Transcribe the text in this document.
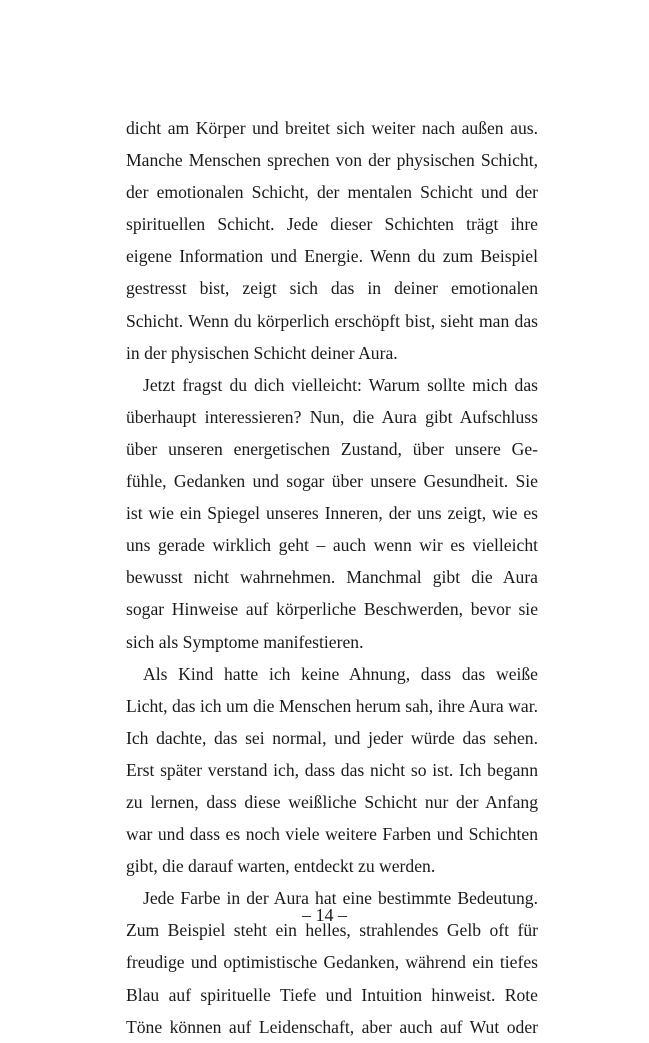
dicht am Körper und breitet sich weiter nach außen aus.
Manche Menschen sprechen von der physischen Schicht,
der emotionalen Schicht, der mentalen Schicht und der
spirituellen Schicht. Jede dieser Schichten trägt ihre
eigene Information und Energie. Wenn du zum Beispiel
gestresst bist, zeigt sich das in deiner emotionalen
Schicht. Wenn du körperlich erschöpft bist, sieht man das
in der physischen Schicht deiner Aura.
Jetzt fragst du dich vielleicht: Warum sollte mich das
überhaupt interessieren? Nun, die Aura gibt Aufschluss
über unseren energetischen Zustand, über unsere Ge-
fühle, Gedanken und sogar über unsere Gesundheit. Sie
ist wie ein Spiegel unseres Inneren, der uns zeigt, wie es
uns gerade wirklich geht – auch wenn wir es vielleicht
bewusst nicht wahrnehmen. Manchmal gibt die Aura
sogar Hinweise auf körperliche Beschwerden, bevor sie
sich als Symptome manifestieren.
Als Kind hatte ich keine Ahnung, dass das weiße
Licht, das ich um die Menschen herum sah, ihre Aura war.
Ich dachte, das sei normal, und jeder würde das sehen.
Erst später verstand ich, dass das nicht so ist. Ich begann
zu lernen, dass diese weißliche Schicht nur der Anfang
war und dass es noch viele weitere Farben und Schichten
gibt, die darauf warten, entdeckt zu werden.
Jede Farbe in der Aura hat eine bestimmte Bedeutung.
Zum Beispiel steht ein helles, strahlendes Gelb oft für
freudige und optimistische Gedanken, während ein tiefes
Blau auf spirituelle Tiefe und Intuition hinweist. Rote
Töne können auf Leidenschaft, aber auch auf Wut oder
– 14 –
